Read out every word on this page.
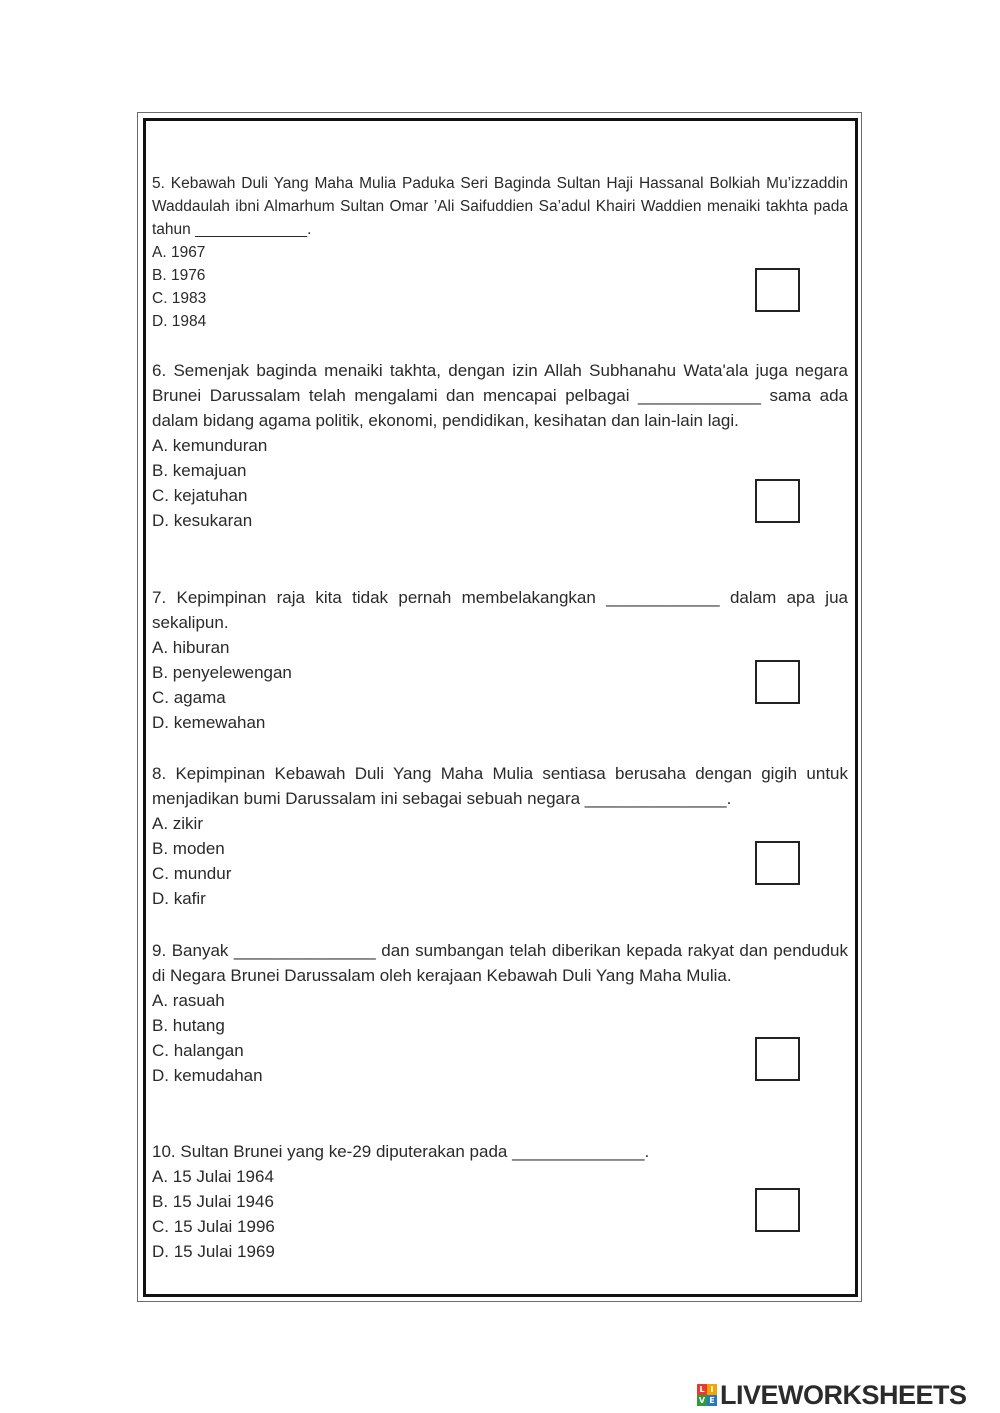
5. Kebawah Duli Yang Maha Mulia Paduka Seri Baginda Sultan Haji Hassanal Bolkiah Mu’izzaddin Waddaulah ibni Almarhum Sultan Omar ’Ali Saifuddien Sa’adul Khairi Waddien menaiki takhta pada tahun _____________.

A. 1967

B. 1976

C. 1983

D. 1984

6. Semenjak baginda menaiki takhta, dengan izin Allah Subhanahu Wata'ala juga negara Brunei Darussalam telah mengalami dan mencapai pelbagai _____________ sama ada dalam bidang agama politik, ekonomi, pendidikan, kesihatan dan lain-lain lagi.

A. kemunduran

B. kemajuan

C. kejatuhan

D. kesukaran

7. Kepimpinan raja kita tidak pernah membelakangkan ____________ dalam apa jua sekalipun.

A. hiburan

B. penyelewengan

C. agama

D. kemewahan

8. Kepimpinan Kebawah Duli Yang Maha Mulia sentiasa berusaha dengan gigih untuk menjadikan bumi Darussalam ini sebagai sebuah negara _______________.

A. zikir

B. moden

C. mundur

D. kafir

9. Banyak _______________ dan sumbangan telah diberikan kepada rakyat dan penduduk di Negara Brunei Darussalam oleh kerajaan Kebawah Duli Yang Maha Mulia.

A. rasuah

B. hutang

C. halangan

D. kemudahan

10. Sultan Brunei yang ke-29 diputerakan pada ______________.

A. 15 Julai 1964

B. 15 Julai 1946

C. 15 Julai 1996

D. 15 Julai 1969

L I
V E LIVEWORKSHEETS
